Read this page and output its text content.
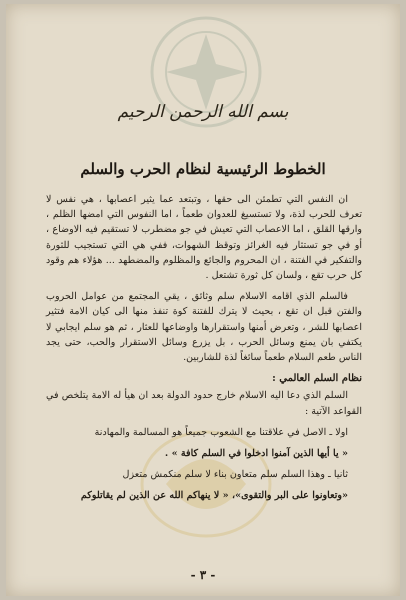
بسم الله الرحمن الرحيم
الخطوط الرئيسية لنظام الحرب والسلم

ان النفس التي تطمئن الى حقها ، وتبتعد عما يثير اعصابها ، هي نفس لا تعرف للحرب لذة، ولا تستسيغ للعدوان طعماً ، اما النفوس التي امضها الظلم ، وارقها القلق ، اما الاعصاب التي تعيش في جو مضطرب لا تستقيم فيه الاوضاع ، أو في جو تستثار فيه الغرائز وتوقظ الشهوات، ففي هي التي تستجيب للثورة والتفكير في الفتنة ، ان المحروم والجائع والمظلوم والمضطهد ... هؤلاء هم وقود كل حرب تقع ، ولسان كل ثورة تشتعل .

فالسلم الذي اقامه الاسلام سلم وثائق ، يقي المجتمع من عوامل الحروب والفتن قبل ان تقع ، بحيث لا يترك للفتنة كوة تنفذ منها الى كيان الامة فتثير اعصابها للشر ، وتعرض أمنها واستقرارها واوضاعها للعثار ، ثم هو سلم ايجابي لا يكتفي بان يمنع وسائل الحرب ، بل يزرع وسائل الاستقرار والحب، حتى يجد الناس طعم السلام طعماً سائغاً لذة للشاربين.

نظام السلم العالمي :

السلم الذي دعا اليه الاسلام خارج حدود الدولة بعد ان هيأ له الامة يتلخص في القواعد الآتية :

اولا ـ الاصل في علاقتنا مع الشعوب جميعاً هو المسالمة والمهادنة

« يا أيها الذين آمنوا ادخلوا في السلم كافة » .

ثانيا ـ وهذا السلم سلم متعاون بناء لا سلم منكمش متعزل

«وتعاونوا على البر والتقوى»، « لا ينهاكم الله عن الذين لم يقاتلوكم

- ٣ -
